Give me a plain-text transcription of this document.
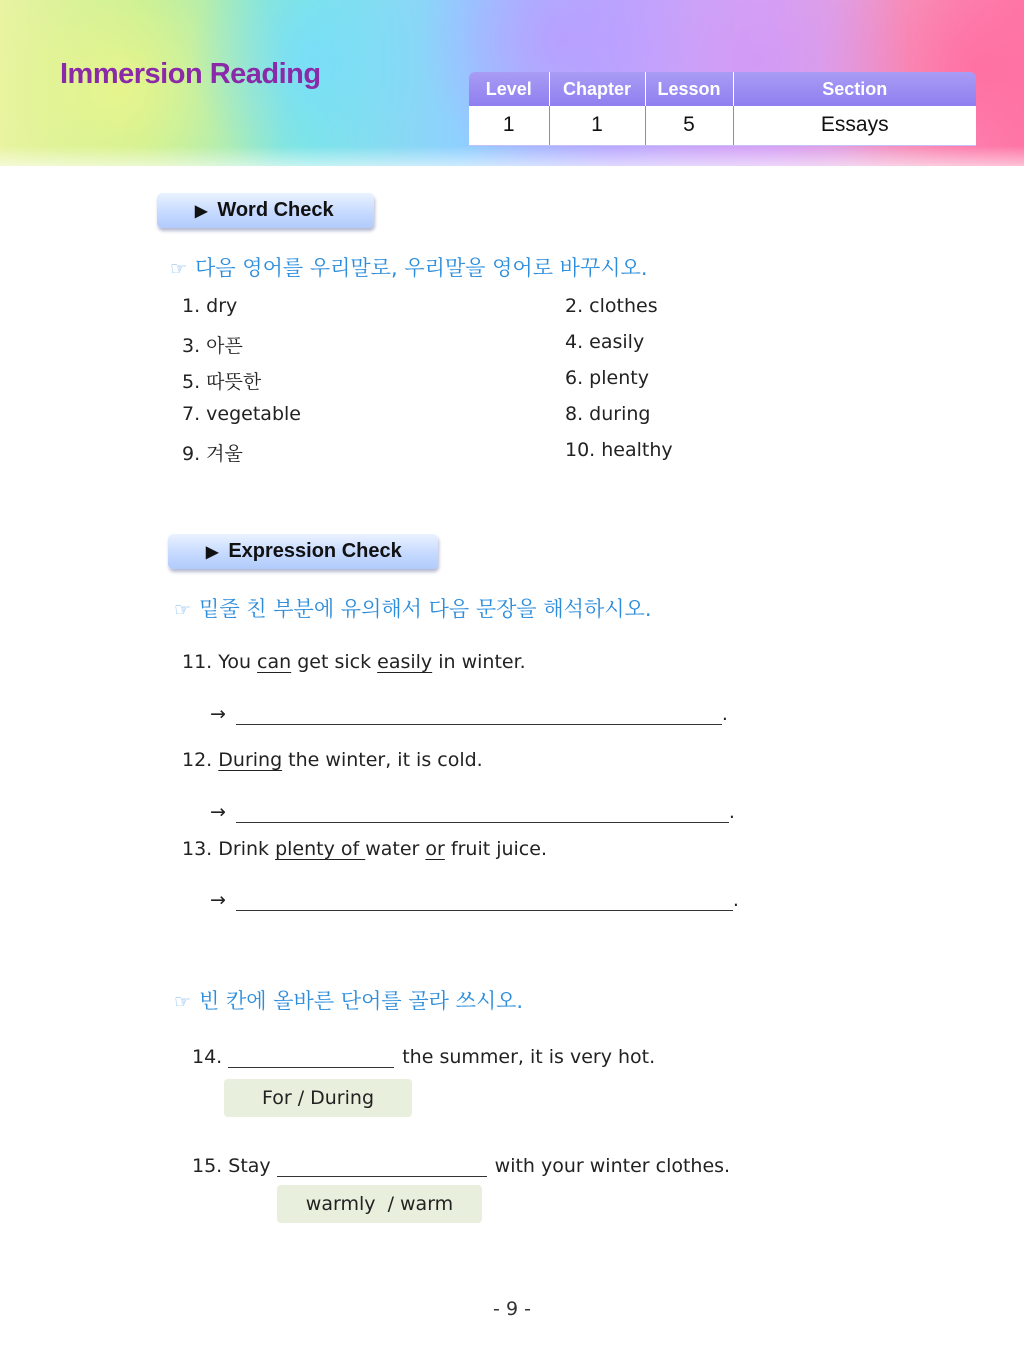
Immersion Reading	Level	Chapter	Lesson	Section
1	1	5	Essays
▶ Word Check
☞ 다음 영어를 우리말로, 우리말을 영어로 바꾸시오.
1. dry	2. clothes
3. 아픈	4. easily
5. 따뜻한	6. plenty
7. vegetable	8. during
9. 겨울	10. healthy
▶ Expression Check
☞ 밑줄 친 부분에 유의해서 다음 문장을 해석하시오.
11. You can get sick easily in winter.
→	.
12. During the winter, it is cold.
→	.
13. Drink plenty of water or fruit juice.
→	.
☞ 빈 칸에 올바른 단어를 골라 쓰시오.
14.	the summer, it is very hot.
For / During
15. Stay	with your winter clothes.
warmly  / warm
- 9 -
